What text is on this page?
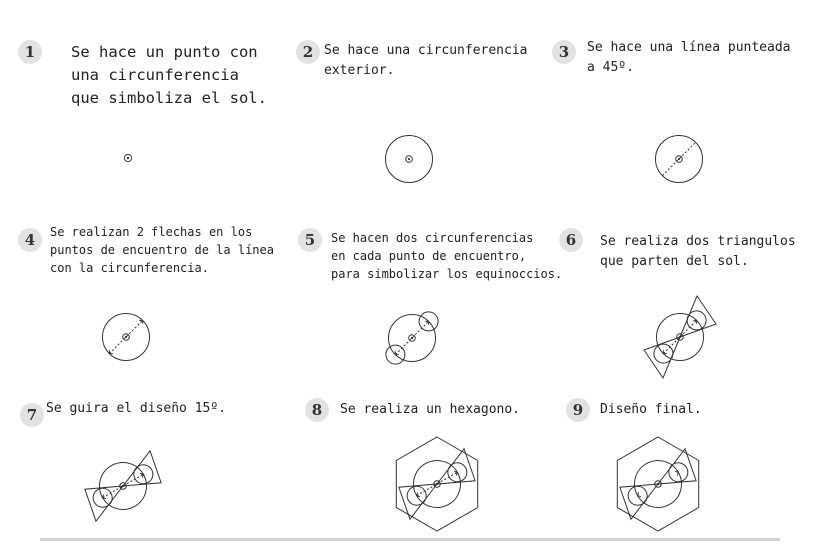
1	Se hace un punto con
una circunferencia
que simboliza el sol.
2 Se hace una circunferencia
exterior.
3	Se hace una línea punteada
a 45º.
4	Se realizan 2 flechas en los
puntos de encuentro de la línea
con la circunferencia.
5	Se hacen dos circunferencias
en cada punto de encuentro,
para simbolizar los equinoccios.
6	Se realiza dos triangulos
que parten del sol.
7 Se guira el diseño 15º.	8	Se realiza un hexagono.	9	Diseño final.
